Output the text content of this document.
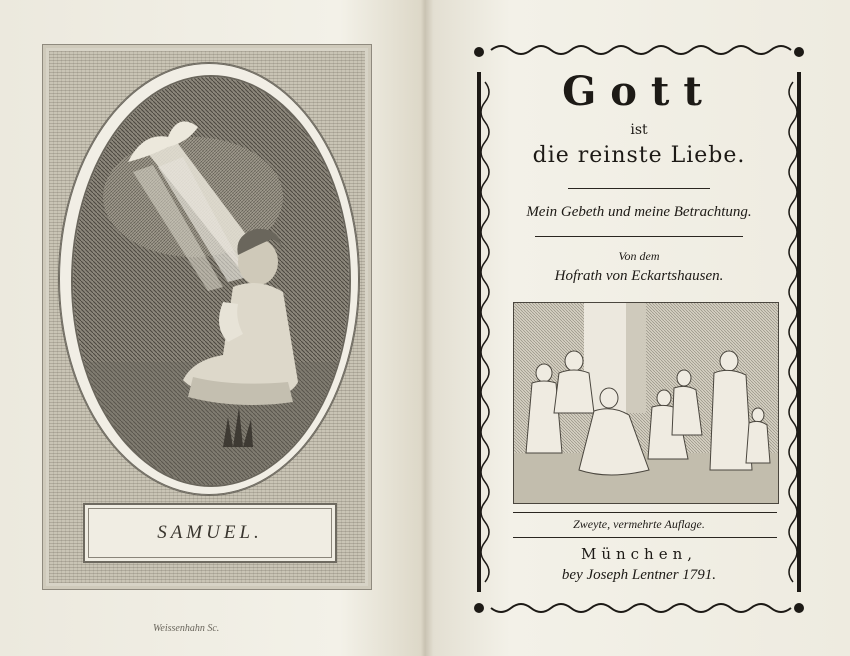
SAMUEL.
Weissenhahn Sc.
Gott
ist
die reinste Liebe.
Mein Gebeth und meine Betrachtung.
Von dem
Hofrath von Eckartshausen.
Zweyte, vermehrte Auflage.
München,
bey Joseph Lentner 1791.
